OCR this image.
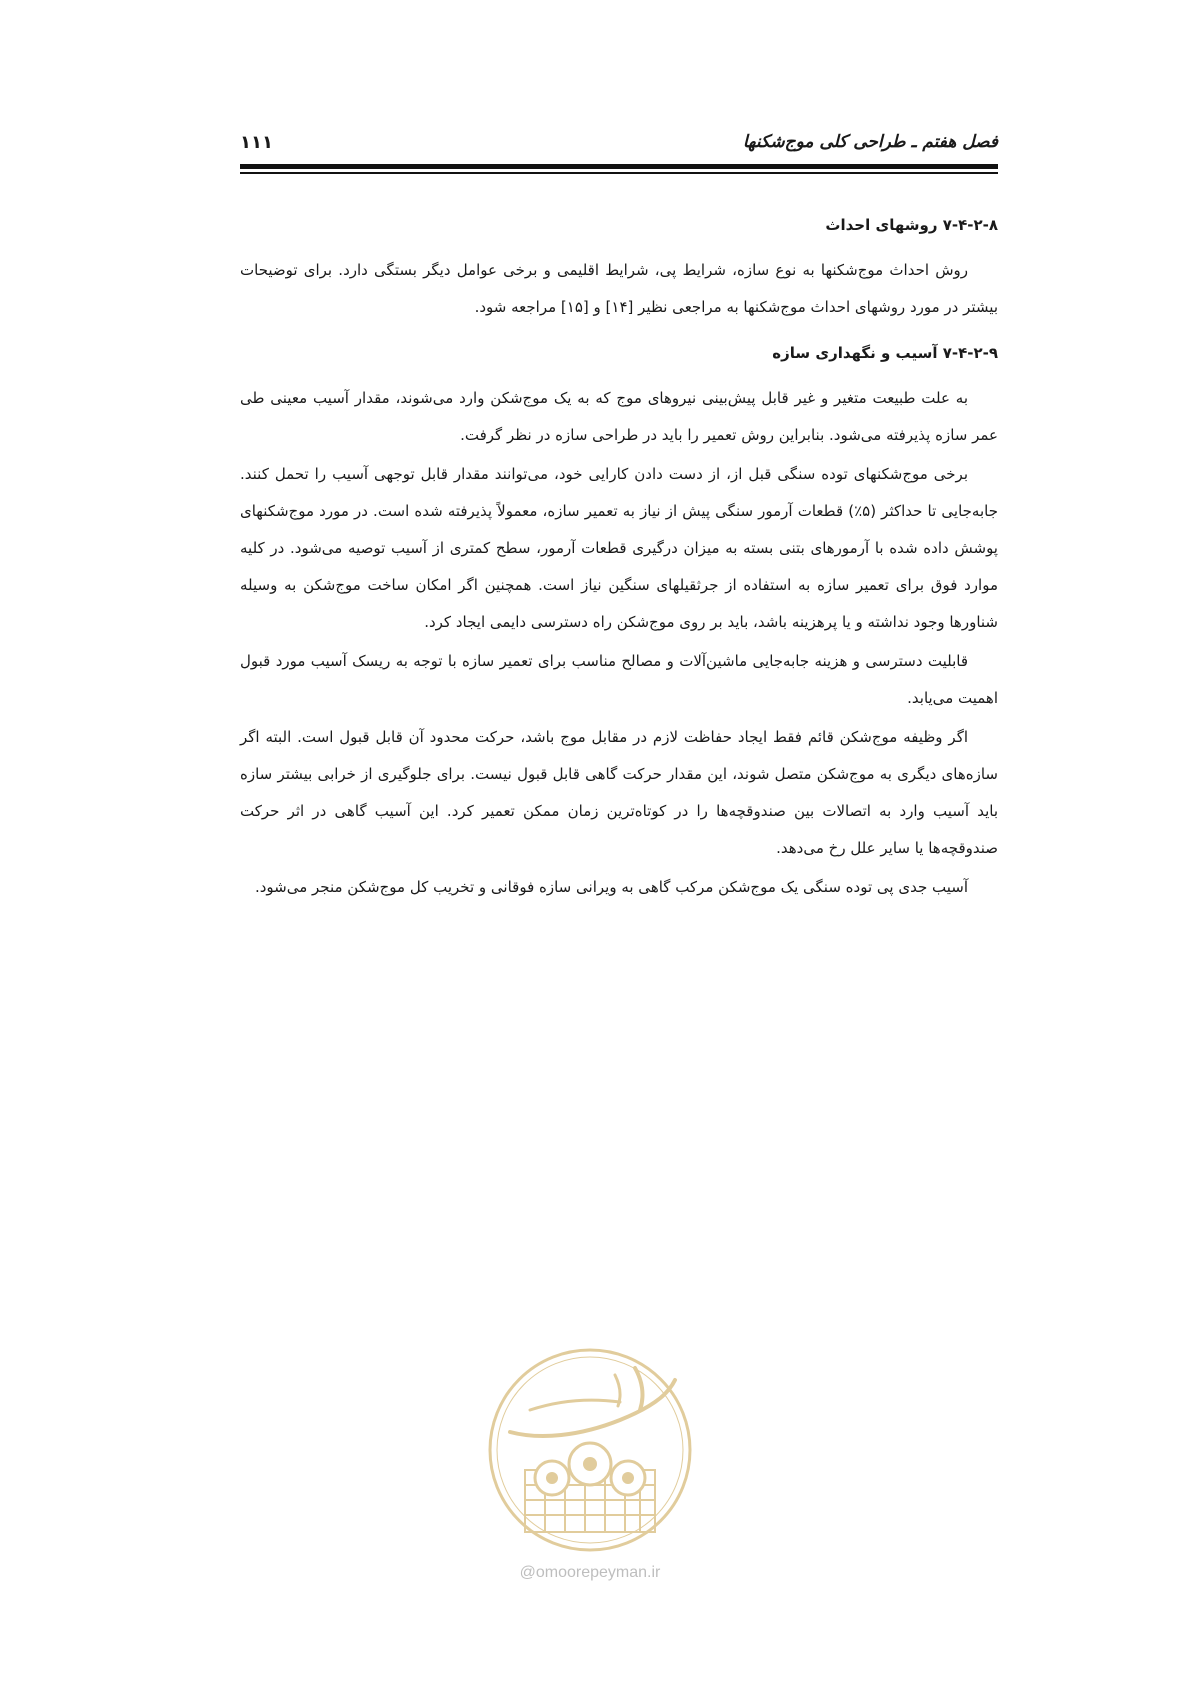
فصل هفتم ـ طراحی کلی موج‌شکنها
۱۱۱
۷-۴-۲-۸ روشهای احداث

روش احداث موج‌شکنها به نوع سازه، شرایط پی، شرایط اقلیمی و برخی عوامل دیگر بستگی دارد. برای توضیحات بیشتر در مورد روشهای احداث موج‌شکنها به مراجعی نظیر [۱۴] و [۱۵] مراجعه شود.

۷-۴-۲-۹ آسیب و نگهداری سازه

به علت طبیعت متغیر و غیر قابل پیش‌بینی نیروهای موج که به یک موج‌شکن وارد می‌شوند، مقدار آسیب معینی طی عمر سازه پذیرفته می‌شود. بنابراین روش تعمیر را باید در طراحی سازه در نظر گرفت.

برخی موج‌شکنهای توده سنگی قبل از، از دست دادن کارایی خود، می‌توانند مقدار قابل توجهی آسیب را تحمل کنند. جابه‌جایی تا حداکثر (۵٪) قطعات آرمور سنگی پیش از نیاز به تعمیر سازه، معمولاً پذیرفته شده است. در مورد موج‌شکنهای پوشش داده شده با آرمورهای بتنی بسته به میزان درگیری قطعات آرمور، سطح کمتری از آسیب توصیه می‌شود. در کلیه موارد فوق برای تعمیر سازه به استفاده از جرثقیلهای سنگین نیاز است. همچنین اگر امکان ساخت موج‌شکن به وسیله شناورها وجود نداشته و یا پرهزینه باشد، باید بر روی موج‌شکن راه دسترسی دایمی ایجاد کرد.

قابلیت دسترسی و هزینه جابه‌جایی ماشین‌آلات و مصالح مناسب برای تعمیر سازه با توجه به ریسک آسیب مورد قبول اهمیت می‌یابد.

اگر وظیفه موج‌شکن قائم فقط ایجاد حفاظت لازم در مقابل موج باشد، حرکت محدود آن قابل قبول است. البته اگر سازه‌های دیگری به موج‌شکن متصل شوند، این مقدار حرکت گاهی قابل قبول نیست. برای جلوگیری از خرابی بیشتر سازه باید آسیب وارد به اتصالات بین صندوقچه‌ها را در کوتاه‌ترین زمان ممکن تعمیر کرد. این آسیب گاهی در اثر حرکت صندوقچه‌ها یا سایر علل رخ می‌دهد.

آسیب جدی پی توده سنگی یک موج‌شکن مرکب گاهی به ویرانی سازه فوقانی و تخریب کل موج‌شکن منجر می‌شود.

@omoorepeyman.ir
